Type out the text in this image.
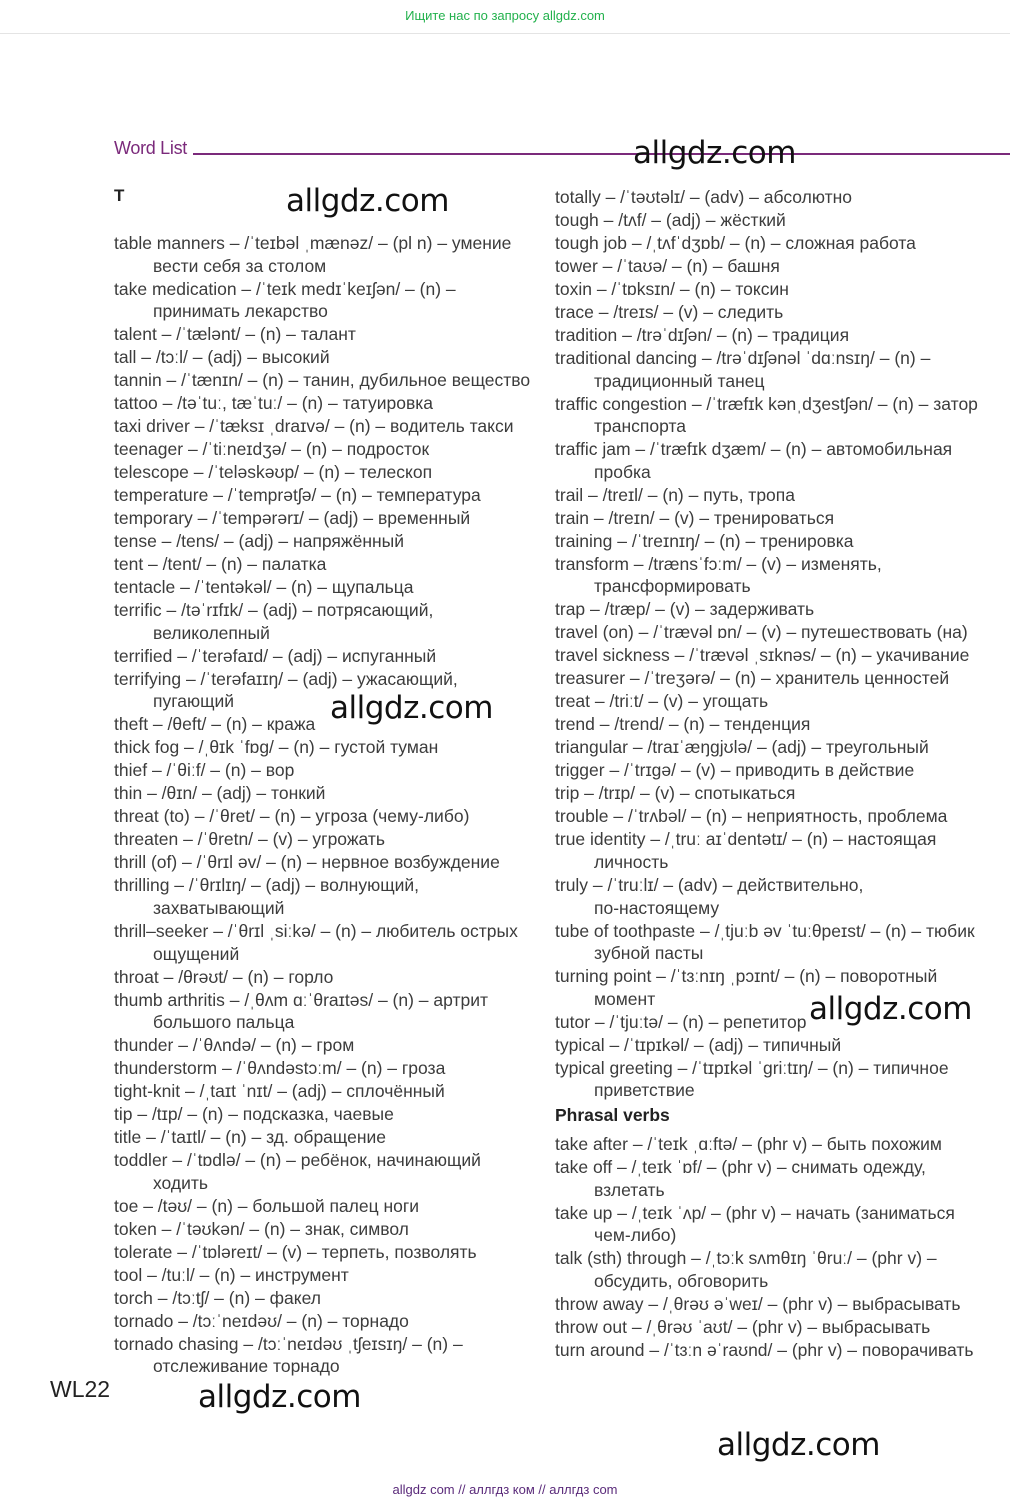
Ищите нас по запросу allgdz.com
Word List
T
table manners – /ˈteɪbəl ˌmænəz/ – (pl n) – умение
вести себя за столом
take medication – /ˈteɪk medɪˈkeɪʃən/ – (n) –
принимать лекарство
talent – /ˈtælənt/ – (n) – талант
tall – /tɔːl/ – (adj) – высокий
tannin – /ˈtænɪn/ – (n) – танин, дубильное вещество
tattoo – /təˈtuː, tæˈtuː/ – (n) – татуировка
taxi driver – /ˈtæksɪ ˌdraɪvə/ – (n) – водитель такси
teenager – /ˈtiːneɪdʒə/ – (n) – подросток
telescope – /ˈteləskəʊp/ – (n) – телескоп
temperature – /ˈtemprətʃə/ – (n) – температура
temporary – /ˈtempərərɪ/ – (adj) – временный
tense – /tens/ – (adj) – напряжённый
tent – /tent/ – (n) – палатка
tentacle – /ˈtentəkəl/ – (n) – щупальца
terrific – /təˈrɪfɪk/ – (adj) – потрясающий,
великолепный
terrified – /ˈterəfaɪd/ – (adj) – испуганный
terrifying – /ˈterəfaɪɪŋ/ – (adj) – ужасающий,
пугающий
theft – /θeft/ – (n) – кража
thick fog – /ˌθɪk ˈfɒg/ – (n) – густой туман
thief – /ˈθiːf/ – (n) – вор
thin – /θɪn/ – (adj) – тонкий
threat (to) – /ˈθret/ – (n) – угроза (чему-либо)
threaten – /ˈθretn/ – (v) – угрожать
thrill (of) – /ˈθrɪl əv/ – (n) – нервное возбуждение
thrilling – /ˈθrɪlɪŋ/ – (adj) – волнующий,
захватывающий
thrill–seeker – /ˈθrɪl ˌsiːkə/ – (n) – любитель острых
ощущений
throat – /θrəʊt/ – (n) – горло
thumb arthritis – /ˌθʌm ɑːˈθraɪtəs/ – (n) – артрит
большого пальца
thunder – /ˈθʌndə/ – (n) – гром
thunderstorm – /ˈθʌndəstɔːm/ – (n) – гроза
tight-knit – /ˌtaɪt ˈnɪt/ – (adj) – сплочённый
tip – /tɪp/ – (n) – подсказка, чаевые
title – /ˈtaɪtl/ – (n) – зд. обращение
toddler – /ˈtɒdlə/ – (n) – ребёнок, начинающий
ходить
toe – /təʊ/ – (n) – большой палец ноги
token – /ˈtəʊkən/ – (n) – знак, символ
tolerate – /ˈtɒləreɪt/ – (v) – терпеть, позволять
tool – /tuːl/ – (n) – инструмент
torch – /tɔːtʃ/ – (n) – факел
tornado – /tɔːˈneɪdəʊ/ – (n) – торнадо
tornado chasing – /tɔːˈneɪdəʊ ˌtʃeɪsɪŋ/ – (n) –
отслеживание торнадо
totally – /ˈtəʊtəlɪ/ – (adv) – абсолютно
tough – /tʌf/ – (adj) – жёсткий
tough job – /ˌtʌfˈdʒɒb/ – (n) – сложная работа
tower – /ˈtaʊə/ – (n) – башня
toxin – /ˈtɒksɪn/ – (n) – токсин
trace – /treɪs/ – (v) – следить
tradition – /trəˈdɪʃən/ – (n) – традиция
traditional dancing – /trəˈdɪʃənəl ˈdɑːnsɪŋ/ – (n) –
традиционный танец
traffic congestion – /ˈtræfɪk kənˌdʒestʃən/ – (n) – затор
транспорта
traffic jam – /ˈtræfɪk dʒæm/ – (n) – автомобильная
пробка
trail – /treɪl/ – (n) – путь, тропа
train – /treɪn/ – (v) – тренироваться
training – /ˈtreɪnɪŋ/ – (n) – тренировка
transform – /trænsˈfɔːm/ – (v) – изменять,
трансформировать
trap – /træp/ – (v) – задерживать
travel (on) – /ˈtrævəl ɒn/ – (v) – путешествовать (на)
travel sickness – /ˈtrævəl ˌsɪknəs/ – (n) – укачивание
treasurer – /ˈtreʒərə/ – (n) – хранитель ценностей
treat – /triːt/ – (v) – угощать
trend – /trend/ – (n) – тенденция
triangular – /traɪˈæŋgjʊlə/ – (adj) – треугольный
trigger – /ˈtrɪgə/ – (v) – приводить в действие
trip – /trɪp/ – (v) – спотыкаться
trouble – /ˈtrʌbəl/ – (n) – неприятность, проблема
true identity – /ˌtruː aɪˈdentətɪ/ – (n) – настоящая
личность
truly – /ˈtruːlɪ/ – (adv) – действительно,
по-настоящему
tube of toothpaste – /ˌtjuːb əv ˈtuːθpeɪst/ – (n) – тюбик
зубной пасты
turning point – /ˈtɜːnɪŋ ˌpɔɪnt/ – (n) – поворотный
момент
tutor – /ˈtjuːtə/ – (n) – репетитор
typical – /ˈtɪpɪkəl/ – (adj) – типичный
typical greeting – /ˈtɪpɪkəl ˈgriːtɪŋ/ – (n) – типичное
приветствие
Phrasal verbs
take after – /ˈteɪk ˌɑːftə/ – (phr v) – быть похожим
take off – /ˌteɪk ˈɒf/ – (phr v) – снимать одежду,
взлетать
take up – /ˌteɪk ˈʌp/ – (phr v) – начать (заниматься
чем-либо)
talk (sth) through – /ˌtɔːk sʌmθɪŋ ˈθruː/ – (phr v) –
обсудить, обговорить
throw away – /ˌθrəʊ əˈweɪ/ – (phr v) – выбрасывать
throw out – /ˌθrəʊ ˈaʊt/ – (phr v) – выбрасывать
turn around – /ˈtɜːn əˈraʊnd/ – (phr v) – поворачивать
WL22
allgdz.com
allgdz.com
allgdz.com
allgdz.com
allgdz.com
allgdz.com
allgdz com // аллгдз ком // аллгдз com
